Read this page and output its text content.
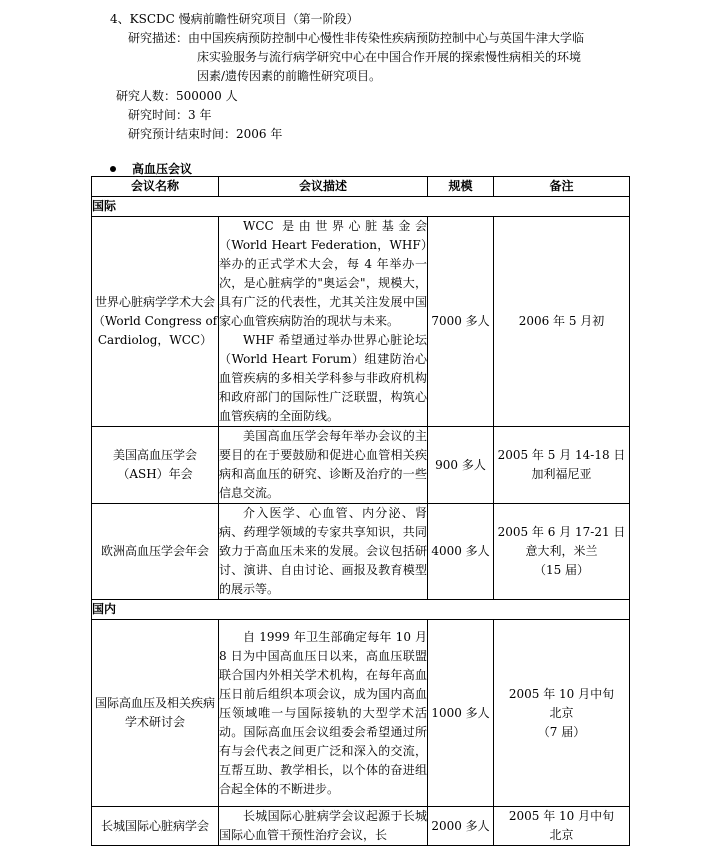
4、KSCDC 慢病前瞻性研究项目（第一阶段）
研究描述：由中国疾病预防控制中心慢性非传染性疾病预防控制中心与英国牛津大学临
床实验服务与流行病学研究中心在中国合作开展的探索慢性病相关的环境
因素/遗传因素的前瞻性研究项目。
研究人数：500000 人
研究时间：3 年
研究预计结束时间：2006 年
高血压会议
会议名称	会议描述	规模	备注
国际			
世界心脏病学学术大会（World Congress of Cardiolog，WCC）	WCC 是由世界心脏基金会（World Heart Federation，WHF）举办的正式学术大会，每 4 年举办一次，是心脏病学的"奥运会"，规模大，具有广泛的代表性，尤其关注发展中国家心血管疾病防治的现状与未来。

WHF 希望通过举办世界心脏论坛（World Heart Forum）组建防治心血管疾病的多相关学科参与非政府机构和政府部门的国际性广泛联盟，构筑心血管疾病的全面防线。	7000 多人	2006 年 5 月初
美国高血压学会（ASH）年会	美国高血压学会每年举办会议的主要目的在于要鼓励和促进心血管相关疾病和高血压的研究、诊断及治疗的一些信息交流。	900 多人	2005 年 5 月 14-18 日 加利福尼亚
欧洲高血压学会年会	介入医学、心血管、内分泌、肾病、药理学领域的专家共享知识，共同致力于高血压未来的发展。会议包括研讨、演讲、自由讨论、画报及教育模型的展示等。	4000 多人	2005 年 6 月 17-21 日
意大利，米兰
（15 届）

国内			
国际高血压及相关疾病学术研讨会	自 1999 年卫生部确定每年 10 月 8 日为中国高血压日以来，高血压联盟联合国内外相关学术机构，在每年高血压日前后组织本项会议，成为国内高血压领域唯一与国际接轨的大型学术活动。国际高血压会议组委会希望通过所有与会代表之间更广泛和深入的交流，互帮互助、教学相长，以个体的奋进组合起全体的不断进步。	1000 多人	2005 年 10 月中旬
北京
（7 届）

长城国际心脏病学会	长城国际心脏病学会议起源于长城国际心血管干预性治疗会议，长	2000 多人	2005 年 10 月中旬
北京
